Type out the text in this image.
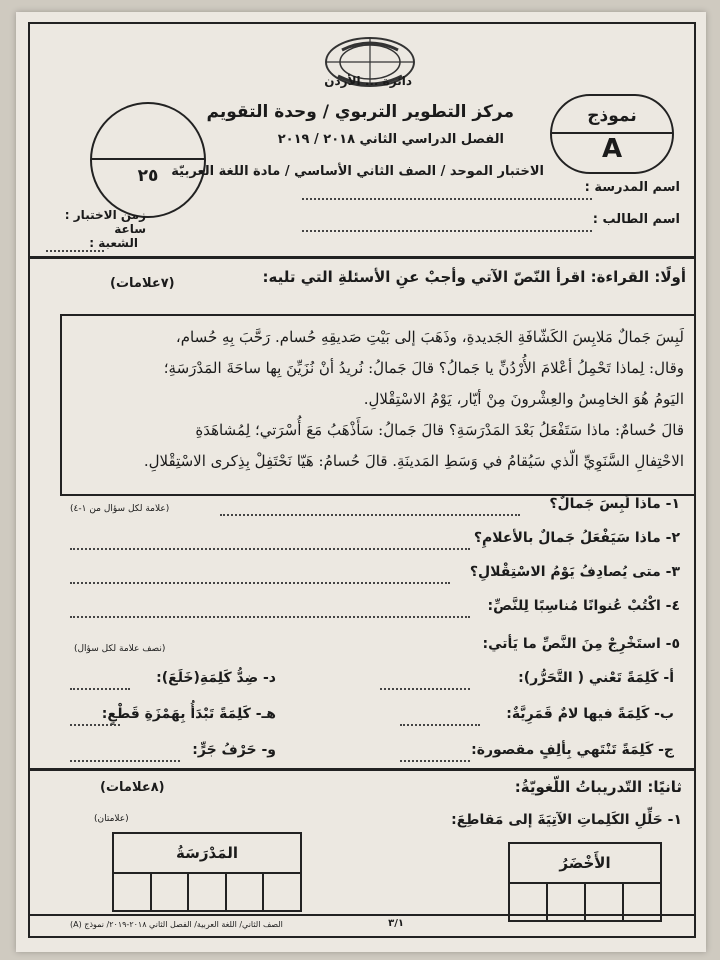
دائرة ... الأردن
مركز التطوير التربوي / وحدة التقويم
الفصل الدراسي الثاني ٢٠١٨ / ٢٠١٩
الاختبار الموحد / الصف الثاني الأساسي / مادة اللغة العربيّة
نموذج
A
٢٥
اسم المدرسة :
اسم الطالب :
زمن الاختبار : ساعة
الشعبة :
أولًا: القراءة: اقرأ النّصّ الآتي وأجبْ عنِ الأسئلةِ التي تليه:
(٧علامات)

لَبِسَ جَمالٌ مَلابِسَ الكَشّافَةِ الجَديدةِ، وذَهَبَ إلى بَيْتِ صَديقِهِ حُسام. رَحَّبَ بِهِ حُسام،

وقال: لِماذا تَحْمِلُ أعْلامَ الأُرْدُنِّ يا جَمالُ؟ قالَ جَمالُ: نُريدُ أنْ نُزَيِّنَ بِها ساحَةَ المَدْرَسَةِ؛

اليَومُ هُوَ الخامِسُ والعِشْرونَ مِنْ أيّار، يَوْمُ الاسْتِقْلالِ.

قالَ حُسامٌ: ماذا سَتَفْعَلُ بَعْدَ المَدْرَسَةِ؟ قالَ جَمالُ: سَأَذْهَبُ مَعَ أُسْرَتي؛ لِمُشاهَدَةِ

الاحْتِفالِ السَّنَوِيِّ الّذي سَيُقامُ في وَسَطِ المَدينَةِ. قالَ حُسامُ: هَيّا نَحْتَفِلْ بِذِكرى الاسْتِقْلالِ.

١- ماذا لَبِسَ جَمالٌ؟
(علامة لكل سؤال من ١-٤)
٢- ماذا سَيَفْعَلُ جَمالٌ بالأعلامِ؟
٣- متى يُصادِفُ يَوْمُ الاسْتِقْلالِ؟
٤- اكْتُبْ عُنوانًا مُناسِبًا لِلنَّصِّ:
٥- استَخْرِجْ مِنَ النَّصِّ ما يَأتي:
(نصف علامة لكل سؤال)
أ- كَلِمَةً تَعْني ( التَّحَرُّر):
د- ضِدُّ كَلِمَةِ(خَلَعَ):
ب- كَلِمَةً فيها لامٌ قَمَرِيَّةٌ:
هـ- كَلِمَةً تَبْدَأُ بِهَمْزَةِ قَطْعٍ:
ج- كَلِمَةً تَنْتَهي بِألِفٍ مقصورة:
و- حَرْفُ جَرٍّ:
ثانيًا: التّدريباتُ اللّغويّةُ:
(٨علامات)
١- حَلِّلِ الكَلِماتِ الآتِيَةَ إلى مَقاطِعَ:
(علامتان)
الأَخْضَرُ
المَدْرَسَةُ
٣/١
الصف الثاني/ اللغة العربية/ الفصل الثاني ٢٠١٨-٢٠١٩/ نموذج (A)
